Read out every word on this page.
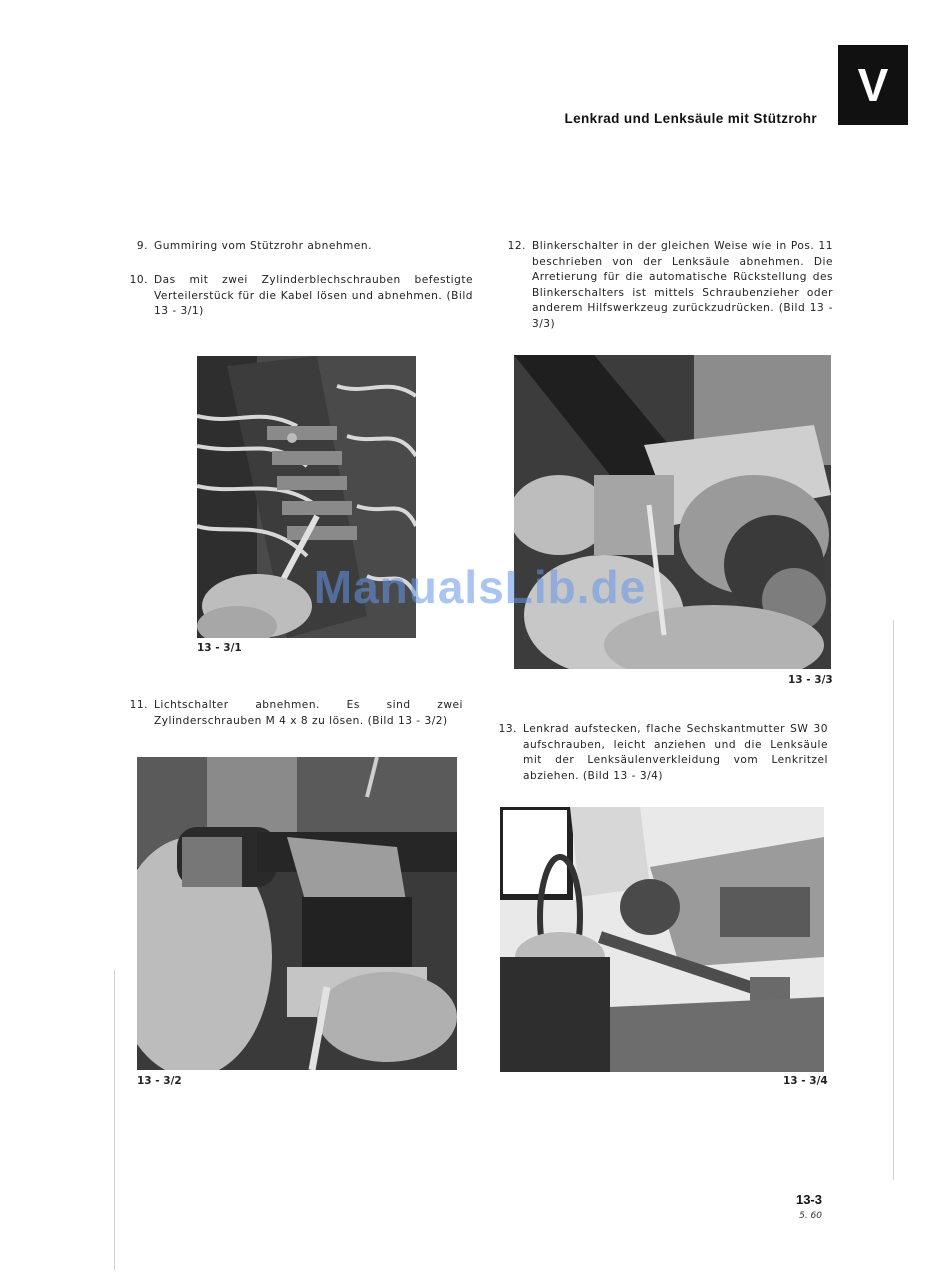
V
Lenkrad und Lenksäule mit Stützrohr
9. Gummiring vom Stützrohr abnehmen.
10. Das mit zwei Zylinderblechschrauben befestigte Verteilerstück für die Kabel lösen und abnehmen. (Bild 13 - 3/1)
13 - 3/1
11. Lichtschalter abnehmen. Es sind zwei Zylinderschrauben M 4 x 8 zu lösen. (Bild 13 - 3/2)
13 - 3/2
12. Blinkerschalter in der gleichen Weise wie in Pos. 11 beschrieben von der Lenksäule abnehmen. Die Arretierung für die automatische Rückstellung des Blinkerschalters ist mittels Schraubenzieher oder anderem Hilfswerkzeug zurückzudrücken. (Bild 13 - 3/3)
13 - 3/3
13. Lenkrad aufstecken, flache Sechskantmutter SW 30 aufschrauben, leicht anziehen und die Lenksäule mit der Lenksäulenverkleidung vom Lenkritzel abziehen. (Bild 13 - 3/4)
13 - 3/4
ManualsLib.de
13-3
5. 60
